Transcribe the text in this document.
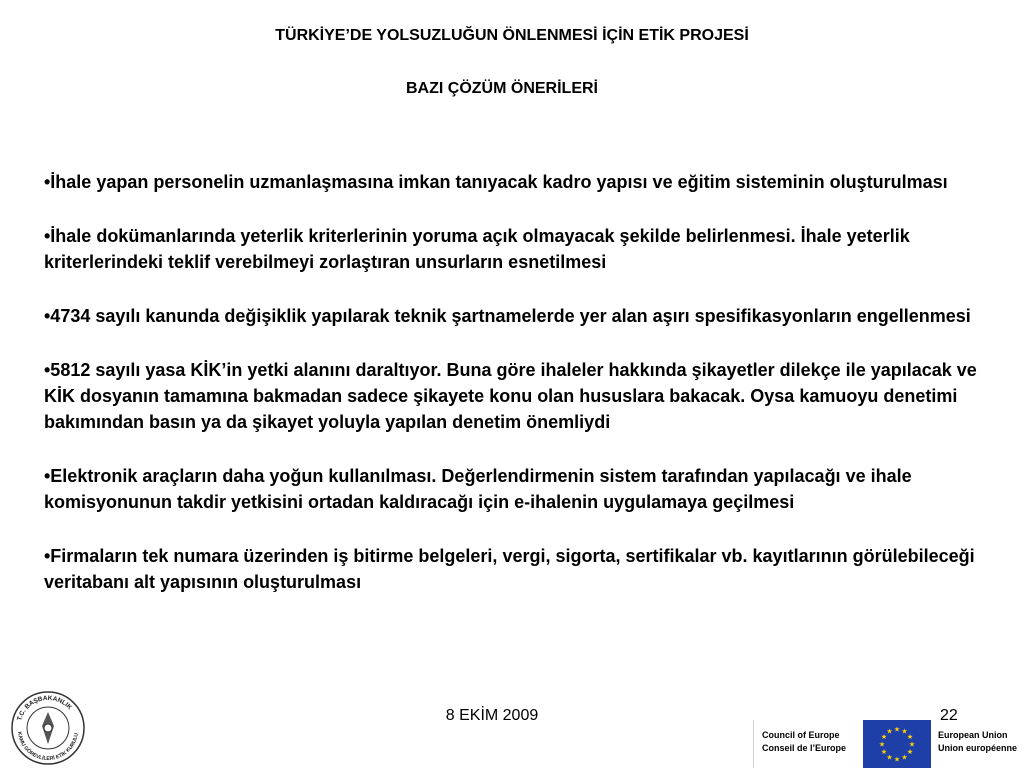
TÜRKİYE’DE YOLSUZLUĞUN ÖNLENMESİ İÇİN ETİK PROJESİ
BAZI ÇÖZÜM ÖNERİLERİ
•İhale yapan personelin uzmanlaşmasına imkan tanıyacak kadro yapısı ve eğitim sisteminin oluşturulması
•İhale dokümanlarında yeterlik kriterlerinin yoruma açık olmayacak şekilde belirlenmesi. İhale yeterlik kriterlerindeki teklif verebilmeyi zorlaştıran unsurların esnetilmesi
•4734 sayılı kanunda değişiklik yapılarak teknik şartnamelerde yer alan aşırı spesifikasyonların engellenmesi
•5812 sayılı yasa KİK’in yetki alanını daraltıyor. Buna göre ihaleler hakkında şikayetler dilekçe ile yapılacak ve KİK dosyanın tamamına bakmadan sadece şikayete konu olan hususlara bakacak. Oysa kamuoyu denetimi bakımından basın ya da şikayet yoluyla yapılan denetim önemliydi
•Elektronik araçların daha yoğun kullanılması. Değerlendirmenin sistem tarafından yapılacağı ve ihale komisyonunun takdir yetkisini ortadan kaldıracağı için e-ihalenin uygulamaya geçilmesi
•Firmaların tek numara üzerinden iş bitirme belgeleri, vergi, sigorta, sertifikalar vb. kayıtlarının görülebileceği veritabanı alt yapısının oluşturulması
T.C. BAŞBAKANLIK
KAMU GÖREVLİLERİ ETİK KURULU
8 EKİM 2009	22
Council of Europe
Conseil de l’Europe
★ ★
★
★
★
★
★
★
★
★
★
★	European Union
Union européenne
